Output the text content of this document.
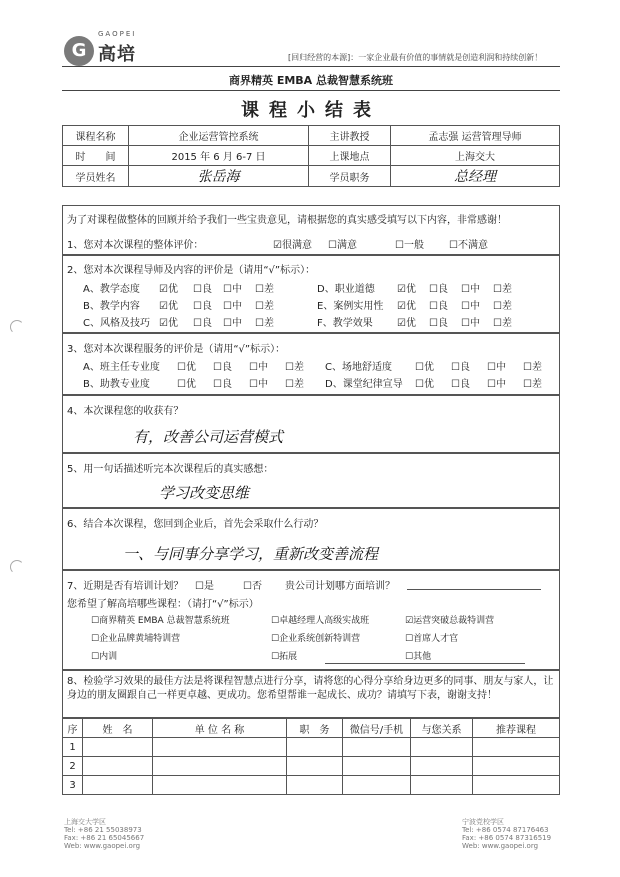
G
GAOPEI
高培	[回归经营的本源]：一家企业最有价值的事情就是创造利润和持续创新！
商界精英 EMBA 总裁智慧系统班
课程小结表
课程名称	企业运营管控系统	主讲教授	孟志强 运营管理导师
时　　间	2015 年 6 月 6-7 日	上课地点	上海交大
学员姓名	张岳海	学员职务	总经理
为了对课程做整体的回顾并给予我们一些宝贵意见，请根据您的真实感受填写以下内容，非常感谢！
1、您对本次课程的整体评价：	☑很满意 ☐满意	☐一般	☐不满意
2、您对本次课程导师及内容的评价是（请用“√”标示）：
A、教学态度 ☑优 ☐良 ☐中 ☐差	D、职业道德 ☑优 ☐良 ☐中 ☐差
B、教学内容 ☑优 ☐良 ☐中 ☐差	E、案例实用性 ☑优 ☐良 ☐中 ☐差
C、风格及技巧 ☑优 ☐良 ☐中 ☐差	F、教学效果 ☑优 ☐良 ☐中 ☐差
3、您对本次课程服务的评价是（请用“√”标示）：
A、班主任专业度 ☐优 ☐良 ☐中 ☐差 C、场地舒适度 ☐优 ☐良 ☐中 ☐差
B、助教专业度	☐优 ☐良 ☐中 ☐差 D、课堂纪律宣导 ☐优 ☐良 ☐中 ☐差
4、本次课程您的收获有？
有，改善公司运营模式
5、用一句话描述听完本次课程后的真实感想：
学习改变思维
6、结合本次课程，您回到企业后，首先会采取什么行动？
一、与同事分享学习，重新改变善流程
7、近期是否有培训计划？ ☐是	☐否 贵公司计划哪方面培训？
您希望了解高培哪些课程：（请打“√”标示）
☐商界精英 EMBA 总裁智慧系统班	☐卓越经理人高级实战班	☑运营突破总裁特训营
☐企业品牌黄埔特训营	☐企业系统创新特训营	☐首席人才官
☐内训	☐拓展	☐其他
8、检验学习效果的最佳方法是将课程智慧点进行分享，请将您的心得分享给身边更多的同事、朋友与家人，让身边的朋友圈跟自己一样更卓越、更成功。您希望帮谁一起成长、成功？请填写下表，谢谢支持！
序	姓　名	单 位 名 称	职　务	微信号/手机	与您关系	推荐课程
1						
2						
3						
上海交大学区
Tel: +86 21 55038973
Fax: +86 21 65045667
Web: www.gaopei.org
宁波党校学区
Tel: +86 0574 87176463
Fax: +86 0574 87316519
Web: www.gaopei.org
